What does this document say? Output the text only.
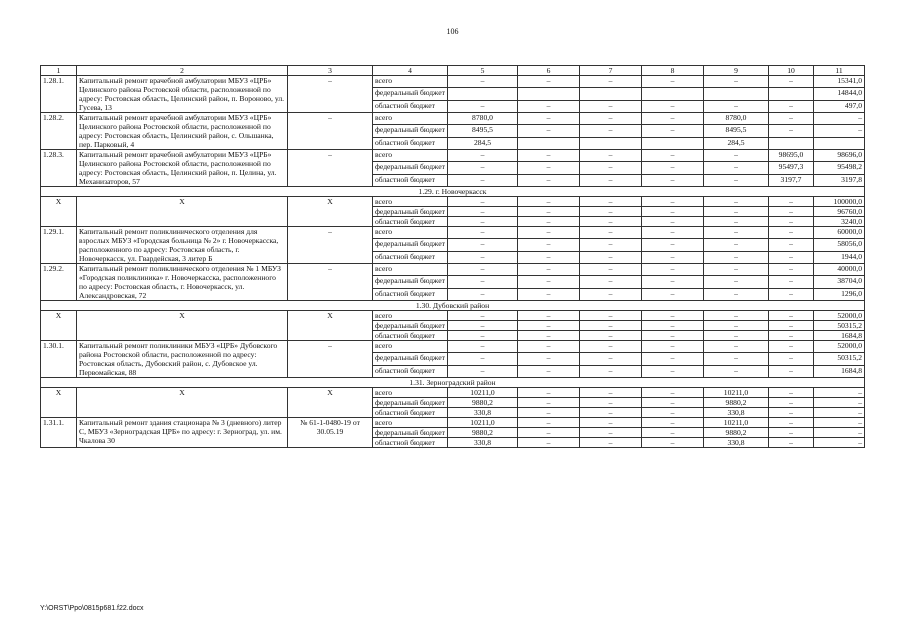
106
1	2	3	4	5	6	7	8	9	10	11
1.28.1.	Капитальный ремонт врачебной амбулатории МБУЗ «ЦРБ» Целинского района Ростовской области, расположенной по адресу: Ростовская область, Целинский район, п. Вороново, ул. Гусева, 13	–	всего	–	–	–	–	–	–	15341,0
			федеральный бюджет							14844,0
			областной бюджет	–	–	–	–	–	–	497,0
1.28.2.	Капитальный ремонт врачебной амбулатории МБУЗ «ЦРБ» Целинского района Ростовской области, расположенной по адресу: Ростовская область, Целинский район, с. Ольшанка, пер. Парковый, 4	–	всего	8780,0	–	–	–	8780,0	–	–
			федеральный бюджет	8495,5	–	–	–	8495,5	–	–
			областной бюджет	284,5				284,5		
1.28.3.	Капитальный ремонт врачебной амбулатории МБУЗ «ЦРБ» Целинского района Ростовской области, расположенной по адресу: Ростовская область, Целинский район, п. Целина, ул. Механизаторов, 57	–	всего	–	–	–	–	–	98695,0	98696,0
			федеральный бюджет	–	–	–	–	–	95497,3	95498,2
			областной бюджет	–	–	–	–	–	3197,7	3197,8
1.29. г. Новочеркасск										
X	X	X	всего	–	–	–	–	–	–	100000,0
			федеральный бюджет	–	–	–	–	–	–	96760,0
			областной бюджет	–	–	–	–	–	–	3240,0
1.29.1.	Капитальный ремонт поликлинического отделения для взрослых МБУЗ «Городская больница № 2» г. Новочеркасска, расположенного по адресу: Ростовская область, г. Новочеркасск, ул. Гвардейская, 3 литер Б	–	всего	–	–	–	–	–	–	60000,0
			федеральный бюджет	–	–	–	–	–	–	58056,0
			областной бюджет	–	–	–	–	–	–	1944,0
1.29.2.	Капитальный ремонт поликлинического отделения № 1 МБУЗ «Городская поликлиника» г. Новочеркасска, расположенного по адресу: Ростовская область, г. Новочеркасск, ул. Александровская, 72	–	всего	–	–	–	–	–	–	40000,0
			федеральный бюджет	–	–	–	–	–	–	38704,0
			областной бюджет	–	–	–	–	–	–	1296,0
1.30. Дубовский район										
X	X	X	всего	–	–	–	–	–	–	52000,0
			федеральный бюджет	–	–	–	–	–	–	50315,2
			областной бюджет	–	–	–	–	–	–	1684,8
1.30.1.	Капитальный ремонт поликлиники МБУЗ «ЦРБ» Дубовского района Ростовской области, расположенной по адресу: Ростовская область, Дубовский район, с. Дубовское ул. Первомайская, 88	–	всего	–	–	–	–	–	–	52000,0
			федеральный бюджет	–	–	–	–	–	–	50315,2
			областной бюджет	–	–	–	–	–	–	1684,8
1.31. Зерноградский район										
X	X	X	всего	10211,0	–	–	–	10211,0	–	–
			федеральный бюджет	9880,2	–	–	–	9880,2	–	–
			областной бюджет	330,8	–	–	–	330,8	–	–
1.31.1.	Капитальный ремонт здания стационара № 3 (дневного) литер С, МБУЗ «Зерноградская ЦРБ» по адресу: г. Зерноград, ул. им. Чкалова 30	№ 61-1-0480-19 от 30.05.19	всего	10211,0	–	–	–	10211,0	–	–
			федеральный бюджет	9880,2	–	–	–	9880,2	–	–
			областной бюджет	330,8	–	–	–	330,8	–	–
Y:\ORST\Ppo\0815p681.f22.docx
